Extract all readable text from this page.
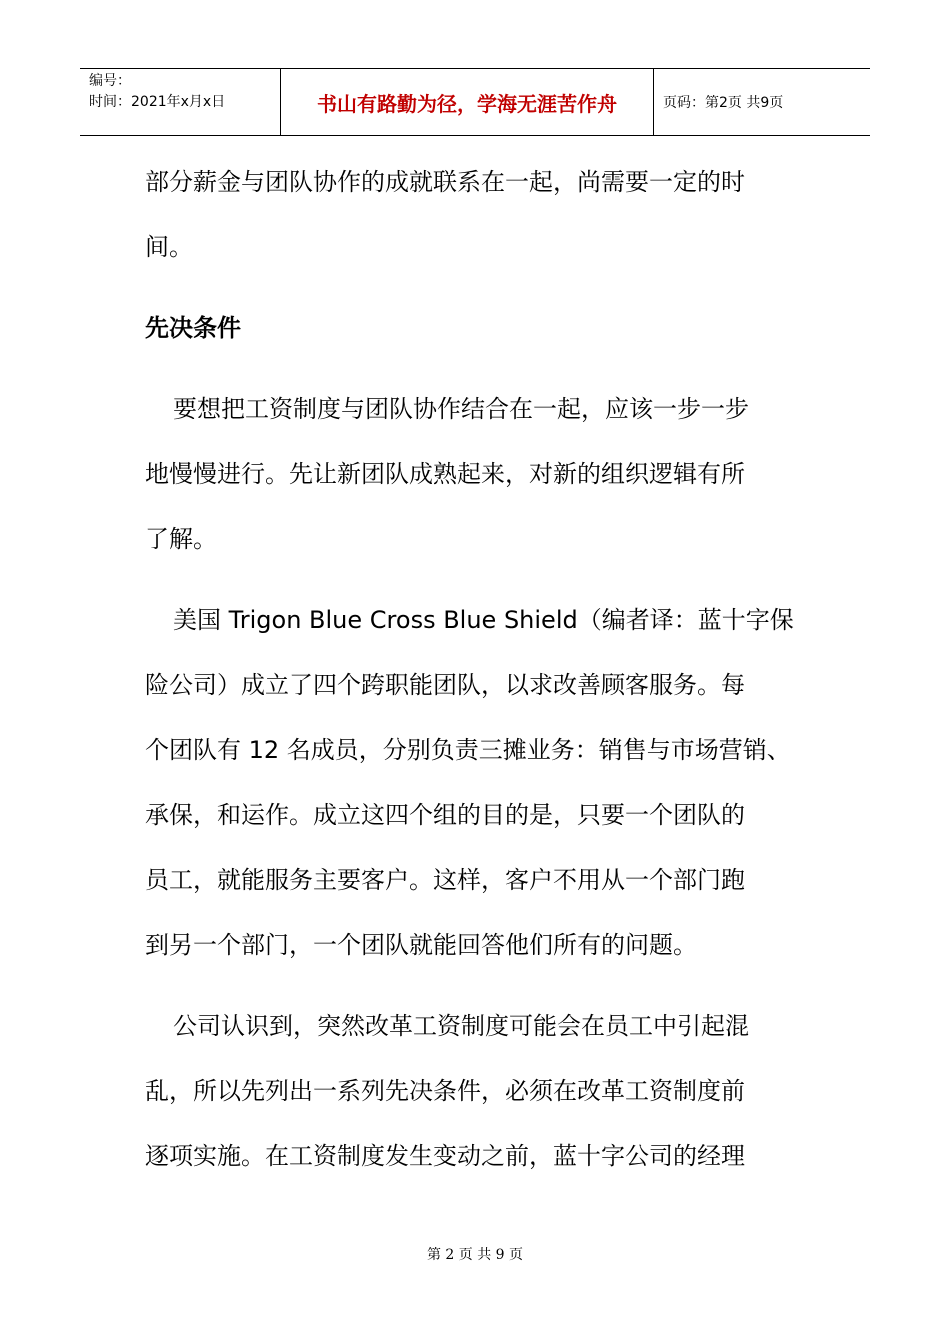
编号：
时间：2021年x月x日	书山有路勤为径，学海无涯苦作舟	页码：第2页 共9页
部分薪金与团队协作的成就联系在一起，尚需要一定的时
间。
先决条件
要想把工资制度与团队协作结合在一起，应该一步一步
地慢慢进行。先让新团队成熟起来，对新的组织逻辑有所
了解。
美国 Trigon Blue Cross Blue Shield（编者译：蓝十字保
险公司）成立了四个跨职能团队，以求改善顾客服务。每
个团队有 12 名成员，分别负责三摊业务：销售与市场营销、
承保，和运作。成立这四个组的目的是，只要一个团队的
员工，就能服务主要客户。这样，客户不用从一个部门跑
到另一个部门，一个团队就能回答他们所有的问题。
公司认识到，突然改革工资制度可能会在员工中引起混
乱，所以先列出一系列先决条件，必须在改革工资制度前
逐项实施。在工资制度发生变动之前，蓝十字公司的经理
第 2 页 共 9 页
